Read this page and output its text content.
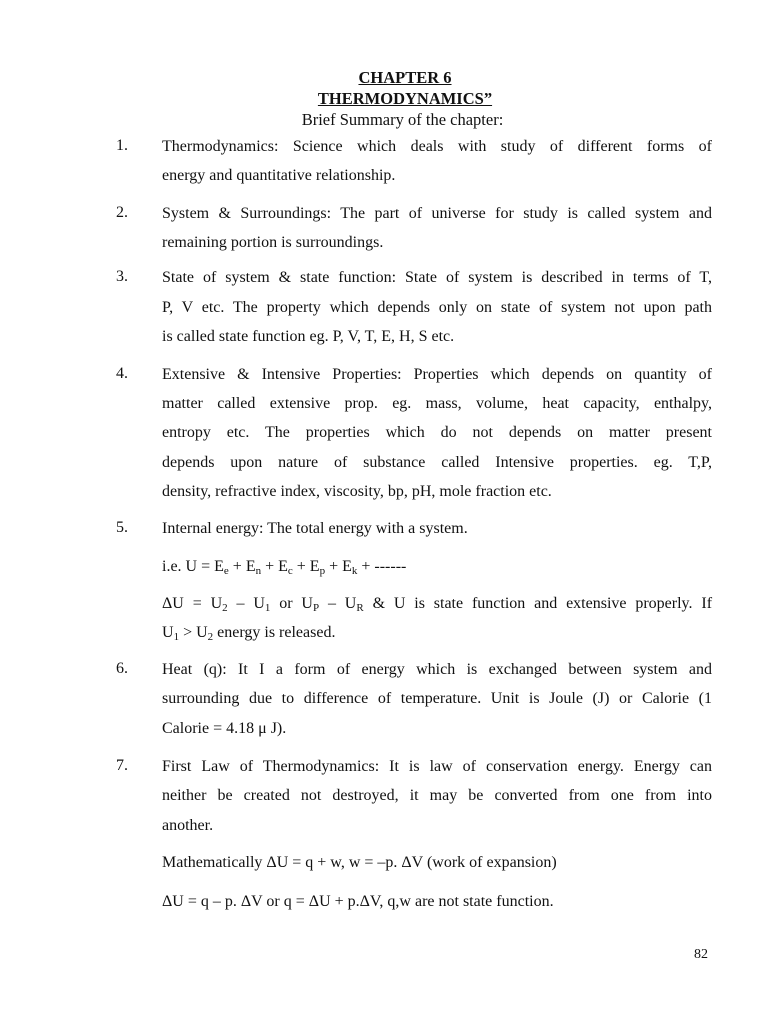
CHAPTER 6
THERMODYNAMICS”
Brief Summary of the chapter:
1. Thermodynamics: Science which deals with study of different forms of
energy and quantitative relationship.
2. System & Surroundings: The part of universe for study is called system and
remaining portion is surroundings.
3. State of system & state function: State of system is described in terms of T,
P, V etc. The property which depends only on state of system not upon path
is called state function eg. P, V, T, E, H, S etc.
4. Extensive & Intensive Properties: Properties which depends on quantity of
matter called extensive prop. eg. mass, volume, heat capacity, enthalpy,
entropy etc. The properties which do not depends on matter present
depends upon nature of substance called Intensive properties. eg. T,P,
density, refractive index, viscosity, bp, pH, mole fraction etc.
5. Internal energy: The total energy with a system.
i.e. $U = E_e + E_n + E_c + E_p + E_k$ + ------
$\Delta U = U_2 - U_1$ or $U_P - U_R$ & U is state function and extensive properly. If
$U_1 > U_2$ energy is released.
6. Heat (q): It I a form of energy which is exchanged between system and
surrounding due to difference of temperature. Unit is Joule (J) or Calorie (1
Calorie = 4.18 μ J).
7. First Law of Thermodynamics: It is law of conservation energy. Energy can
neither be created not destroyed, it may be converted from one from into
another.
Mathematically ΔU = q + w, w = –p. ΔV (work of expansion)
ΔU = q – p. ΔV or q = ΔU + p.ΔV, q,w are not state function.
82
